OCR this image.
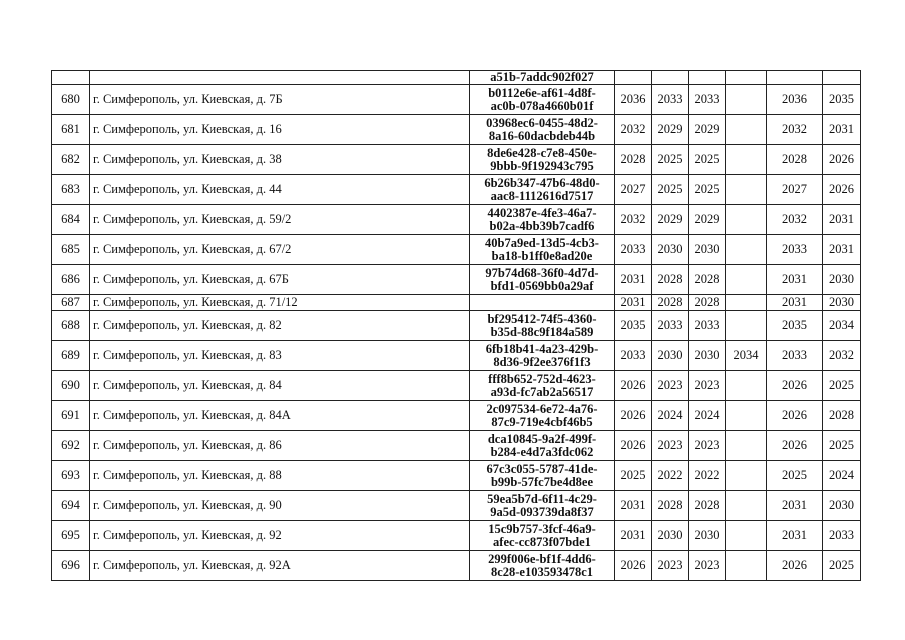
		a51b-7addc902f027						

680	г. Симферополь, ул. Киевская, д. 7Б	b0112e6e-af61-4d8f-
ac0b-078a4660b01f	2036	2033	2033		2036	2035
681	г. Симферополь, ул. Киевская, д. 16	03968ec6-0455-48d2-
8a16-60dacbdeb44b	2032	2029	2029		2032	2031
682	г. Симферополь, ул. Киевская, д. 38	8de6e428-c7e8-450e-
9bbb-9f192943c795	2028	2025	2025		2028	2026
683	г. Симферополь, ул. Киевская, д. 44	6b26b347-47b6-48d0-
aac8-1112616d7517	2027	2025	2025		2027	2026
684	г. Симферополь, ул. Киевская, д. 59/2	4402387e-4fe3-46a7-
b02a-4bb39b7cadf6	2032	2029	2029		2032	2031
685	г. Симферополь, ул. Киевская, д. 67/2	40b7a9ed-13d5-4cb3-
ba18-b1ff0e8ad20e	2033	2030	2030		2033	2031
686	г. Симферополь, ул. Киевская, д. 67Б	97b74d68-36f0-4d7d-
bfd1-0569bb0a29af	2031	2028	2028		2031	2030
687	г. Симферополь, ул. Киевская, д. 71/12		2031	2028	2028		2031	2030
688	г. Симферополь, ул. Киевская, д. 82	bf295412-74f5-4360-
b35d-88c9f184a589	2035	2033	2033		2035	2034
689	г. Симферополь, ул. Киевская, д. 83	6fb18b41-4a23-429b-
8d36-9f2ee376f1f3	2033	2030	2030	2034	2033	2032
690	г. Симферополь, ул. Киевская, д. 84	fff8b652-752d-4623-
a93d-fc7ab2a56517	2026	2023	2023		2026	2025
691	г. Симферополь, ул. Киевская, д. 84А	2c097534-6e72-4a76-
87c9-719e4cbf46b5	2026	2024	2024		2026	2028
692	г. Симферополь, ул. Киевская, д. 86	dca10845-9a2f-499f-
b284-e4d7a3fdc062	2026	2023	2023		2026	2025
693	г. Симферополь, ул. Киевская, д. 88	67c3c055-5787-41de-
b99b-57fc7be4d8ee	2025	2022	2022		2025	2024
694	г. Симферополь, ул. Киевская, д. 90	59ea5b7d-6f11-4c29-
9a5d-093739da8f37	2031	2028	2028		2031	2030
695	г. Симферополь, ул. Киевская, д. 92	15c9b757-3fcf-46a9-
afec-cc873f07bde1	2031	2030	2030		2031	2033
696	г. Симферополь, ул. Киевская, д. 92А	299f006e-bf1f-4dd6-
8c28-e103593478c1	2026	2023	2023		2026	2025
